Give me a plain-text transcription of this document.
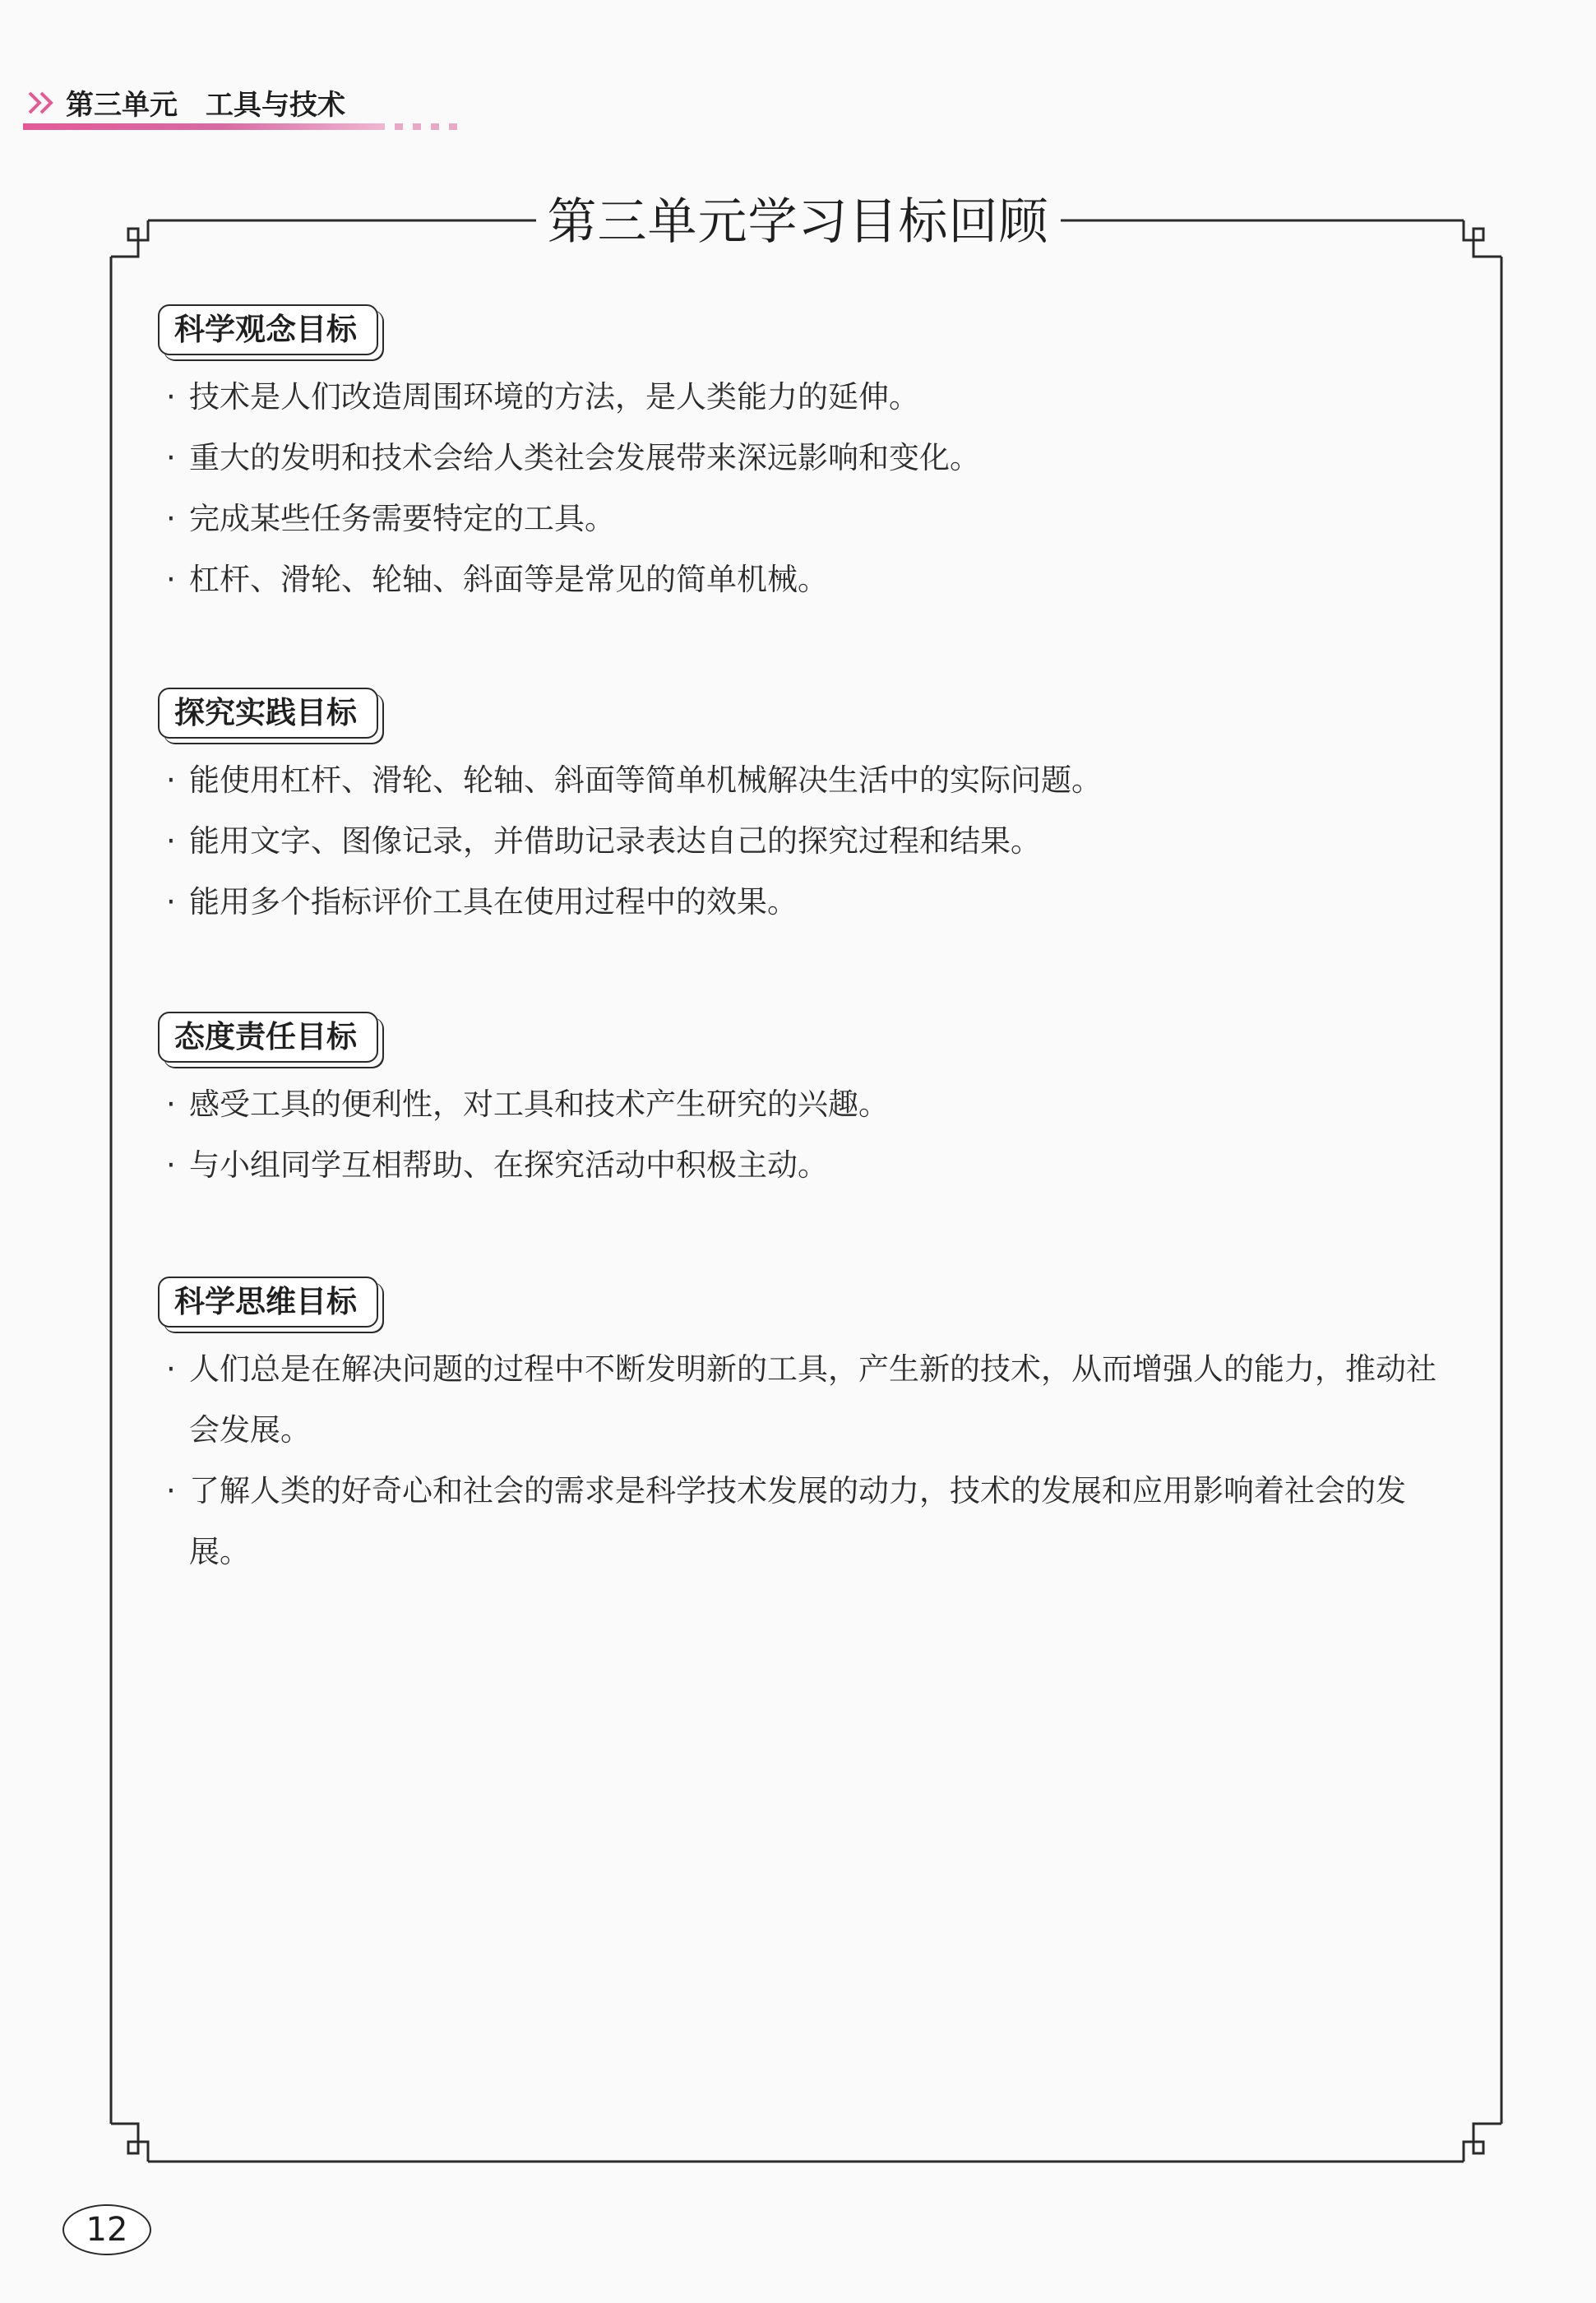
第三单元 工具与技术
第三单元学习目标回顾
科学观念目标
· 技术是人们改造周围环境的方法，是人类能力的延伸。
· 重大的发明和技术会给人类社会发展带来深远影响和变化。
· 完成某些任务需要特定的工具。
· 杠杆、滑轮、轮轴、斜面等是常见的简单机械。
探究实践目标
· 能使用杠杆、滑轮、轮轴、斜面等简单机械解决生活中的实际问题。
· 能用文字、图像记录，并借助记录表达自己的探究过程和结果。
· 能用多个指标评价工具在使用过程中的效果。
态度责任目标
· 感受工具的便利性，对工具和技术产生研究的兴趣。
· 与小组同学互相帮助、在探究活动中积极主动。
科学思维目标
· 人们总是在解决问题的过程中不断发明新的工具，产生新的技术，从而增强人的能力，推动社会发展。
· 了解人类的好奇心和社会的需求是科学技术发展的动力，技术的发展和应用影响着社会的发展。
12
